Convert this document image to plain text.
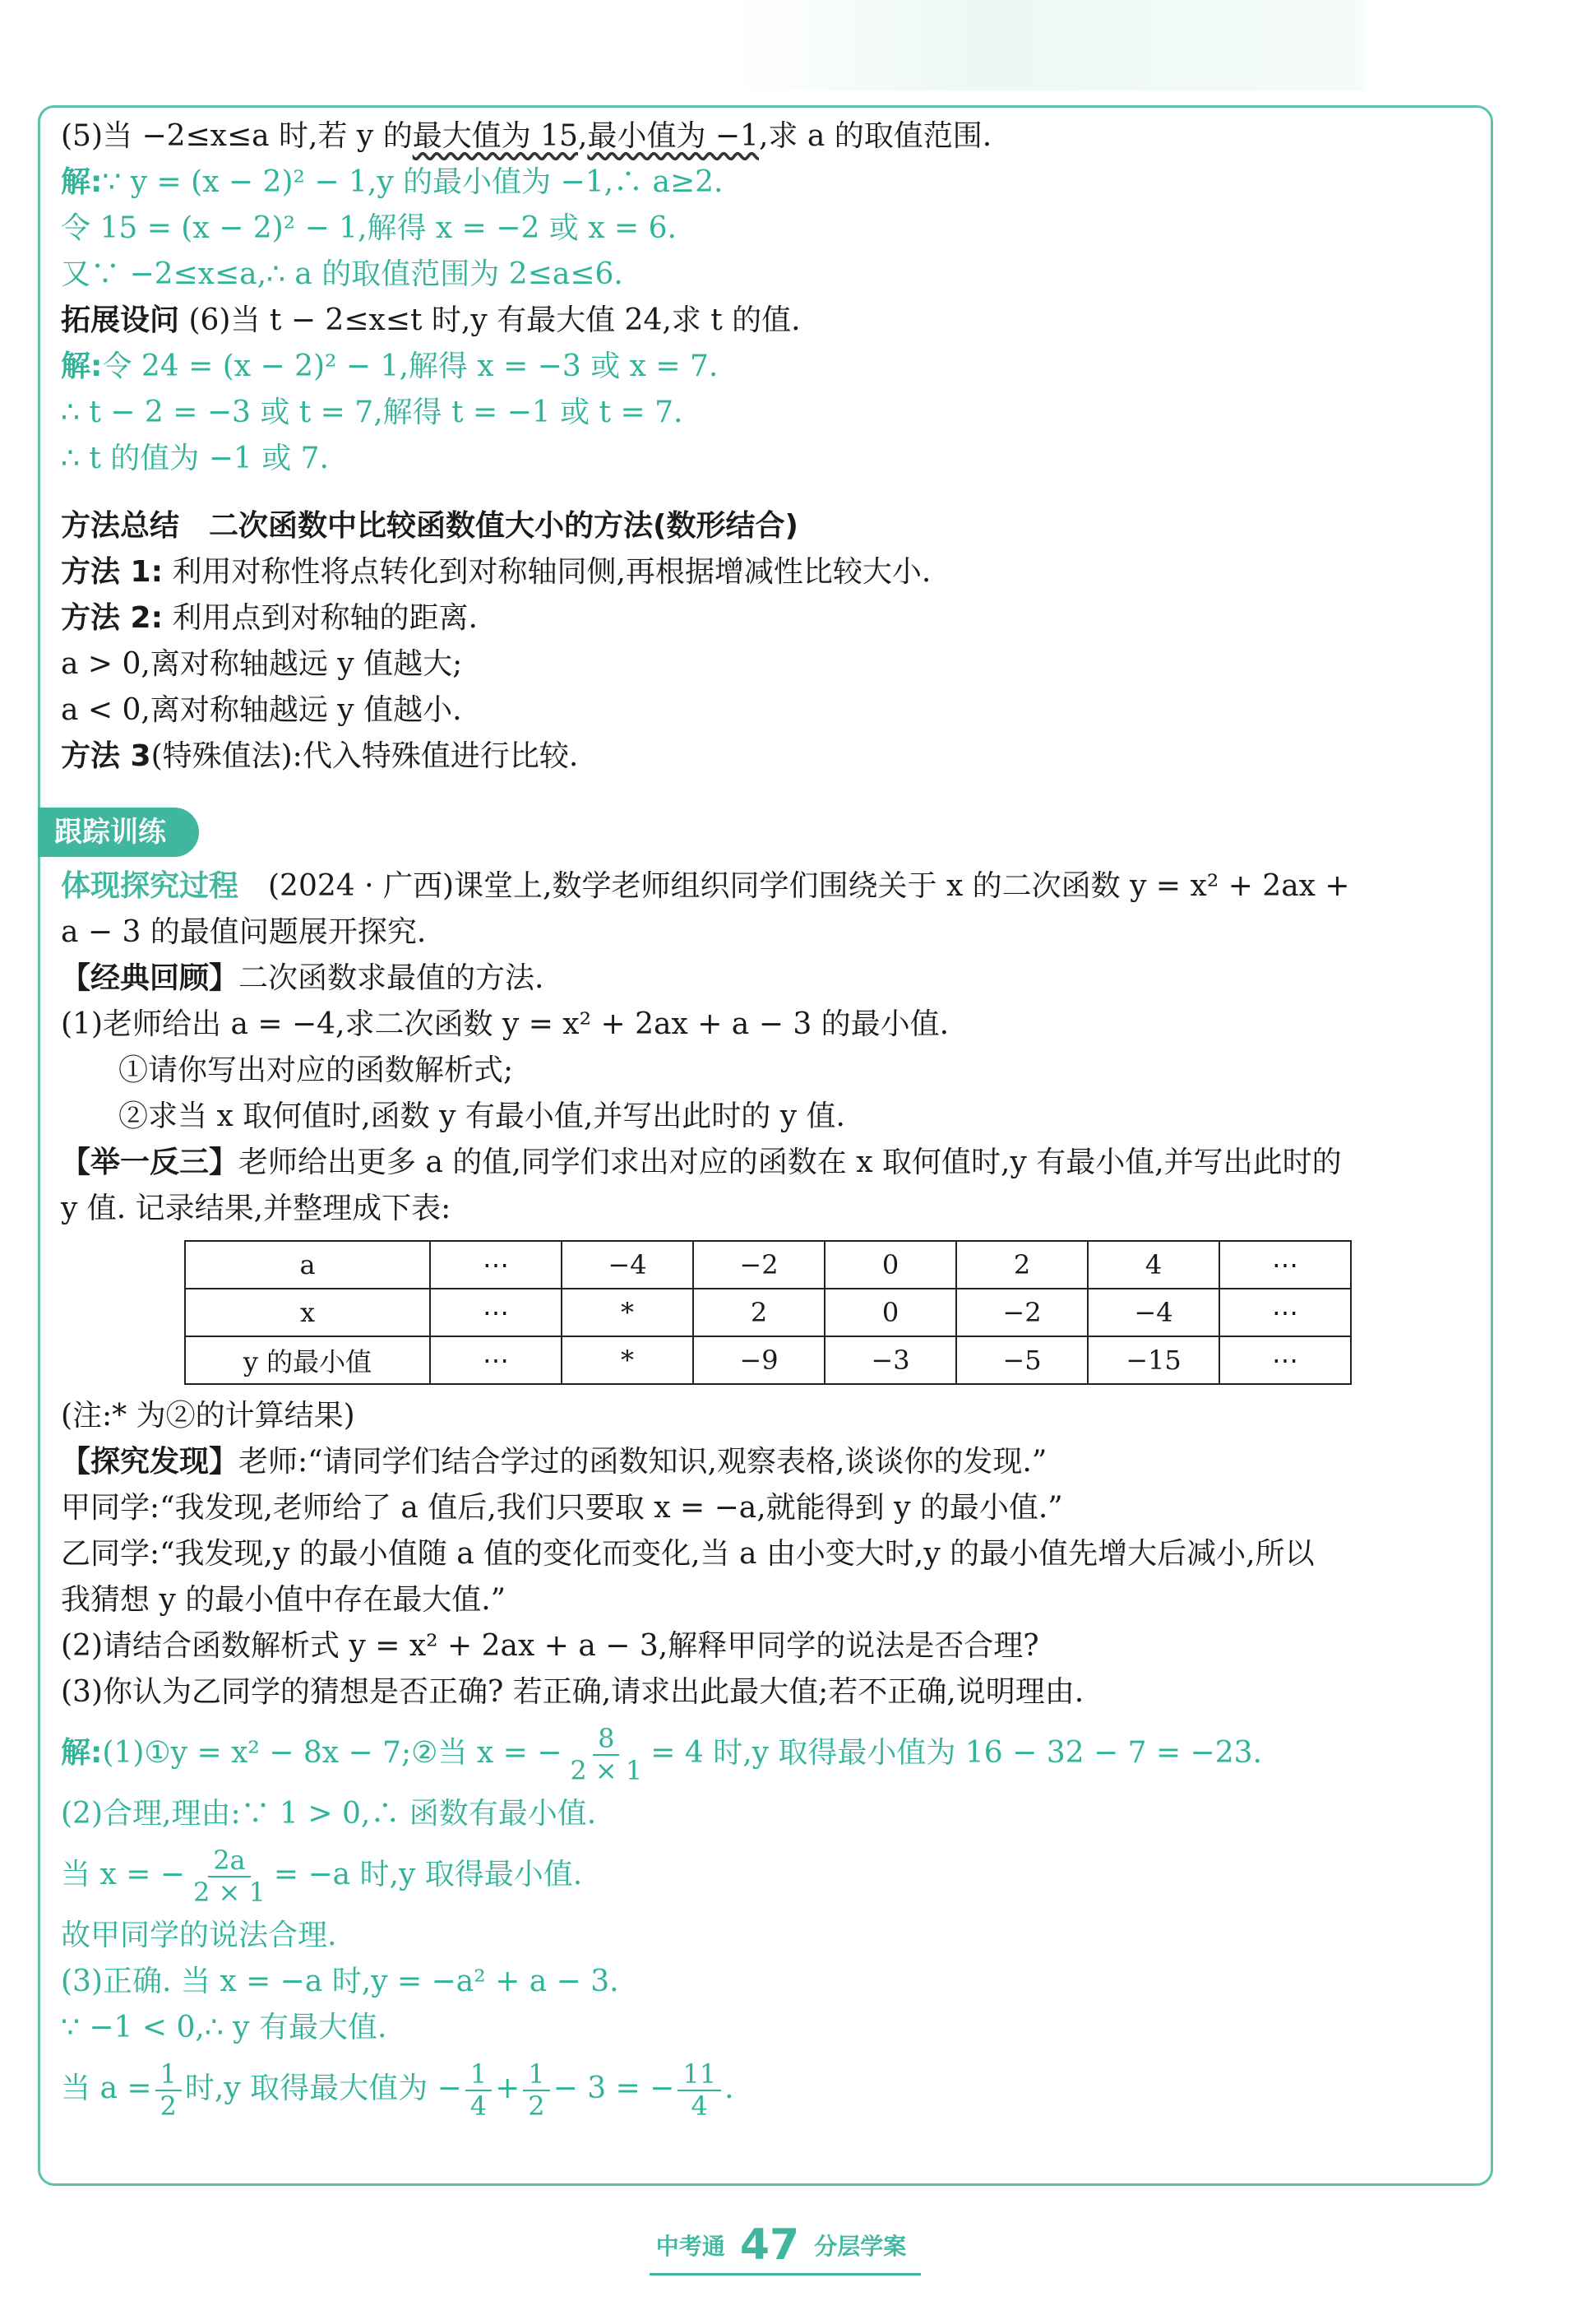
(5)当 −2≤x≤a 时,若 y 的最大值为 15,最小值为 −1,求 a 的取值范围.
解:∵ y = (x − 2)² − 1,y 的最小值为 −1,∴ a≥2.
令 15 = (x − 2)² − 1,解得 x = −2 或 x = 6.
又∵ −2≤x≤a,∴ a 的取值范围为 2≤a≤6.
拓展设问 (6)当 t − 2≤x≤t 时,y 有最大值 24,求 t 的值.
解:令 24 = (x − 2)² − 1,解得 x = −3 或 x = 7.
∴ t − 2 = −3 或 t = 7,解得 t = −1 或 t = 7.
∴ t 的值为 −1 或 7.
方法总结　二次函数中比较函数值大小的方法(数形结合)
方法 1: 利用对称性将点转化到对称轴同侧,再根据增减性比较大小.
方法 2: 利用点到对称轴的距离.
a > 0,离对称轴越远 y 值越大;
a < 0,离对称轴越远 y 值越小.
方法 3(特殊值法):代入特殊值进行比较.
跟踪训练
体现探究过程　(2024 · 广西)课堂上,数学老师组织同学们围绕关于 x 的二次函数 y = x² + 2ax +
a − 3 的最值问题展开探究.
【经典回顾】二次函数求最值的方法.
(1)老师给出 a = −4,求二次函数 y = x² + 2ax + a − 3 的最小值.
①请你写出对应的函数解析式;
②求当 x 取何值时,函数 y 有最小值,并写出此时的 y 值.
【举一反三】老师给出更多 a 的值,同学们求出对应的函数在 x 取何值时,y 有最小值,并写出此时的
y 值. 记录结果,并整理成下表:
a	⋯	−4	−2	0	2	4	⋯
x	⋯	*	2	0	−2	−4	⋯
y 的最小值	⋯	*	−9	−3	−5	−15	⋯
(注:* 为②的计算结果)
【探究发现】老师:“请同学们结合学过的函数知识,观察表格,谈谈你的发现.”
甲同学:“我发现,老师给了 a 值后,我们只要取 x = −a,就能得到 y 的最小值.”
乙同学:“我发现,y 的最小值随 a 值的变化而变化,当 a 由小变大时,y 的最小值先增大后减小,所以
我猜想 y 的最小值中存在最大值.”
(2)请结合函数解析式 y = x² + 2ax + a − 3,解释甲同学的说法是否合理?
(3)你认为乙同学的猜想是否正确? 若正确,请求出此最大值;若不正确,说明理由.
解:(1)①y = x² − 8x − 7;②当 x = − $\frac{8}{2 \times 1} = 4$ 时,y 取得最小值为 16 − 32 − 7 = −23.
(2)合理,理由:∵ 1 > 0,∴ 函数有最小值.
当 x = − $\frac{2a}{2 \times 1} = -a$ 时,y 取得最小值.
故甲同学的说法合理.
(3)正确. 当 x = −a 时,y = −a² + a − 3.
∵ −1 < 0,∴ y 有最大值.
当 $a = \frac{1}{2}$ 时,y 取得最大值为 − $\frac{1}{4} + \frac{1}{2} - 3$ = − $\frac{11}{4}$ .
中考通 47 分层学案
